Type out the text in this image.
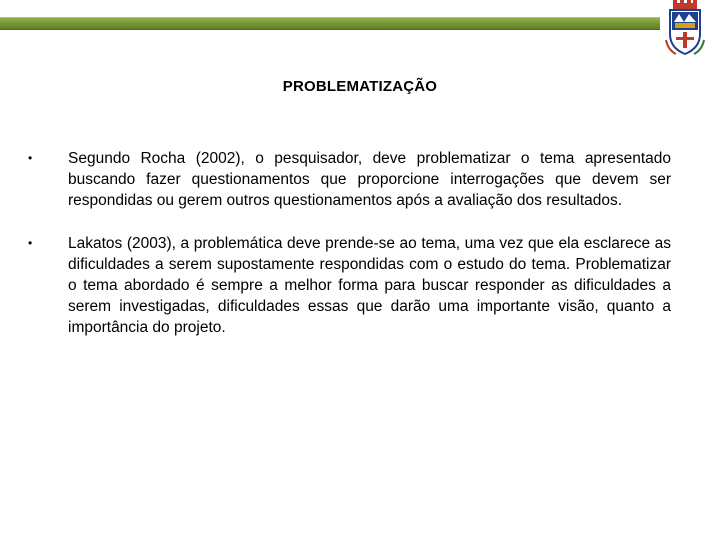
PROBLEMATIZAÇÃO
• Segundo Rocha (2002), o pesquisador, deve problematizar o tema apresentado buscando fazer questionamentos que proporcione interrogações que devem ser respondidas ou gerem outros questionamentos após a avaliação dos resultados.
• Lakatos (2003), a problemática deve prende-se ao tema, uma vez que ela esclarece as dificuldades a serem supostamente respondidas com o estudo do tema. Problematizar o tema abordado é sempre a melhor forma para buscar responder as dificuldades a serem investigadas, dificuldades essas que darão uma importante visão, quanto a importância do projeto.
